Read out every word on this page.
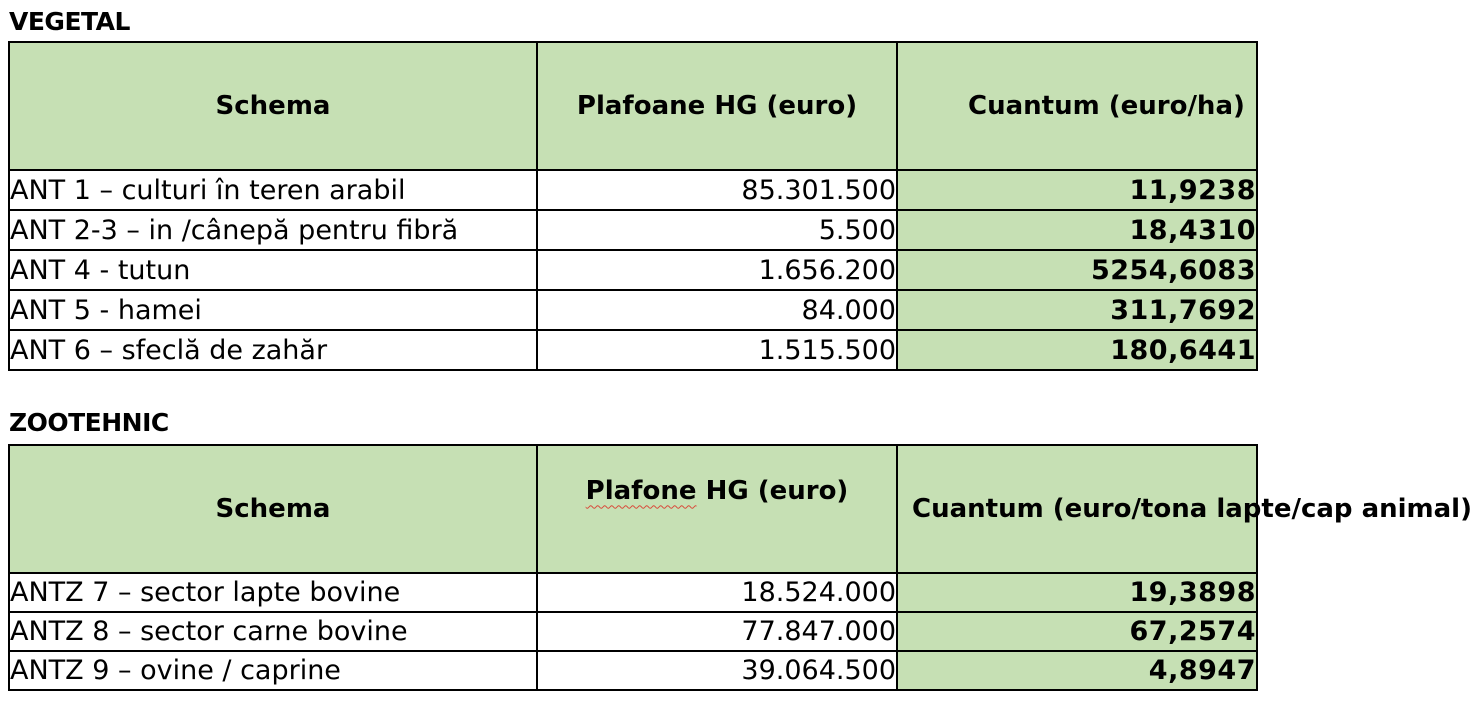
VEGETAL
Schema	Plafoane HG (euro)	Cuantum (euro/ha)
ANT 1 – culturi în teren arabil	85.301.500	11,9238
ANT 2-3 – in /cânepă pentru fibră	5.500	18,4310
ANT 4 - tutun	1.656.200	5254,6083
ANT 5 - hamei	84.000	311,7692
ANT 6 – sfeclă de zahăr	1.515.500	180,6441
ZOOTEHNIC
Schema	Plafone HG (euro)	Cuantum (euro/tona lapte/cap animal)
ANTZ 7 – sector lapte bovine	18.524.000	19,3898
ANTZ 8 – sector carne bovine	77.847.000	67,2574
ANTZ 9 – ovine / caprine	39.064.500	4,8947
